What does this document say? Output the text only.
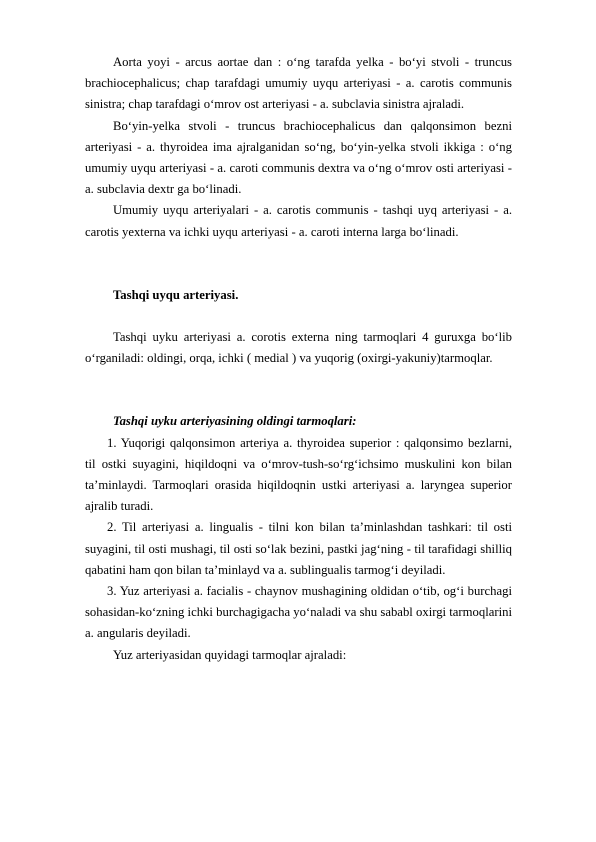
Aorta yoyi - arcus aortae dan : o‘ng tarafda yelka - bo‘yi stvoli - truncus brachiocephalicus; chap tarafdagi umumiy uyqu arteriyasi - a. carotis communis sinistra; chap tarafdagi o‘mrov ost arteriyasi - a. subclavia sinistra ajraladi.

Bo‘yin-yelka stvoli - truncus brachiocephalicus dan qalqonsimon bezni arteriyasi - a. thyroidea ima ajralganidan so‘ng, bo‘yin-yelka stvoli ikkiga : o‘ng umumiy uyqu arteriyasi - a. caroti communis dextra va o‘ng o‘mrov osti arteriyasi - a. subclavia dextr ga bo‘linadi.

Umumiy uyqu arteriyalari - a. carotis communis - tashqi uyq arteriyasi - a. carotis yexterna va ichki uyqu arteriyasi - a. caroti interna larga bo‘linadi.

Tashqi uyqu arteriyasi.

Tashqi uyku arteriyasi a. corotis externa ning tarmoqlari 4 guruxga bo‘lib o‘rganiladi: oldingi, orqa, ichki ( medial ) va yuqorig (oxirgi-yakuniy)tarmoqlar.

Tashqi uyku arteriyasining oldingi tarmoqlari:

1. Yuqorigi qalqonsimon arteriya a. thyroidea superior : qalqonsimo bezlarni, til ostki suyagini, hiqildoqni va o‘mrov-tush-so‘rg‘ichsimo muskulini kon bilan ta’minlaydi. Tarmoqlari orasida hiqildoqnin ustki arteriyasi a. laryngea superior ajralib turadi.

2. Til arteriyasi a. lingualis - tilni kon bilan ta’minlashdan tashkari: til osti suyagini, til osti mushagi, til osti so‘lak bezini, pastki jag‘ning - til tarafidagi shilliq qabatini ham qon bilan ta’minlayd va a. sublingualis tarmog‘i deyiladi.

3. Yuz arteriyasi a. facialis - chaynov mushagining oldidan o‘tib, og‘i burchagi sohasidan-ko‘zning ichki burchagigacha yo‘naladi va shu sababl oxirgi tarmoqlarini a. angularis deyiladi.

Yuz arteriyasidan quyidagi tarmoqlar ajraladi:
